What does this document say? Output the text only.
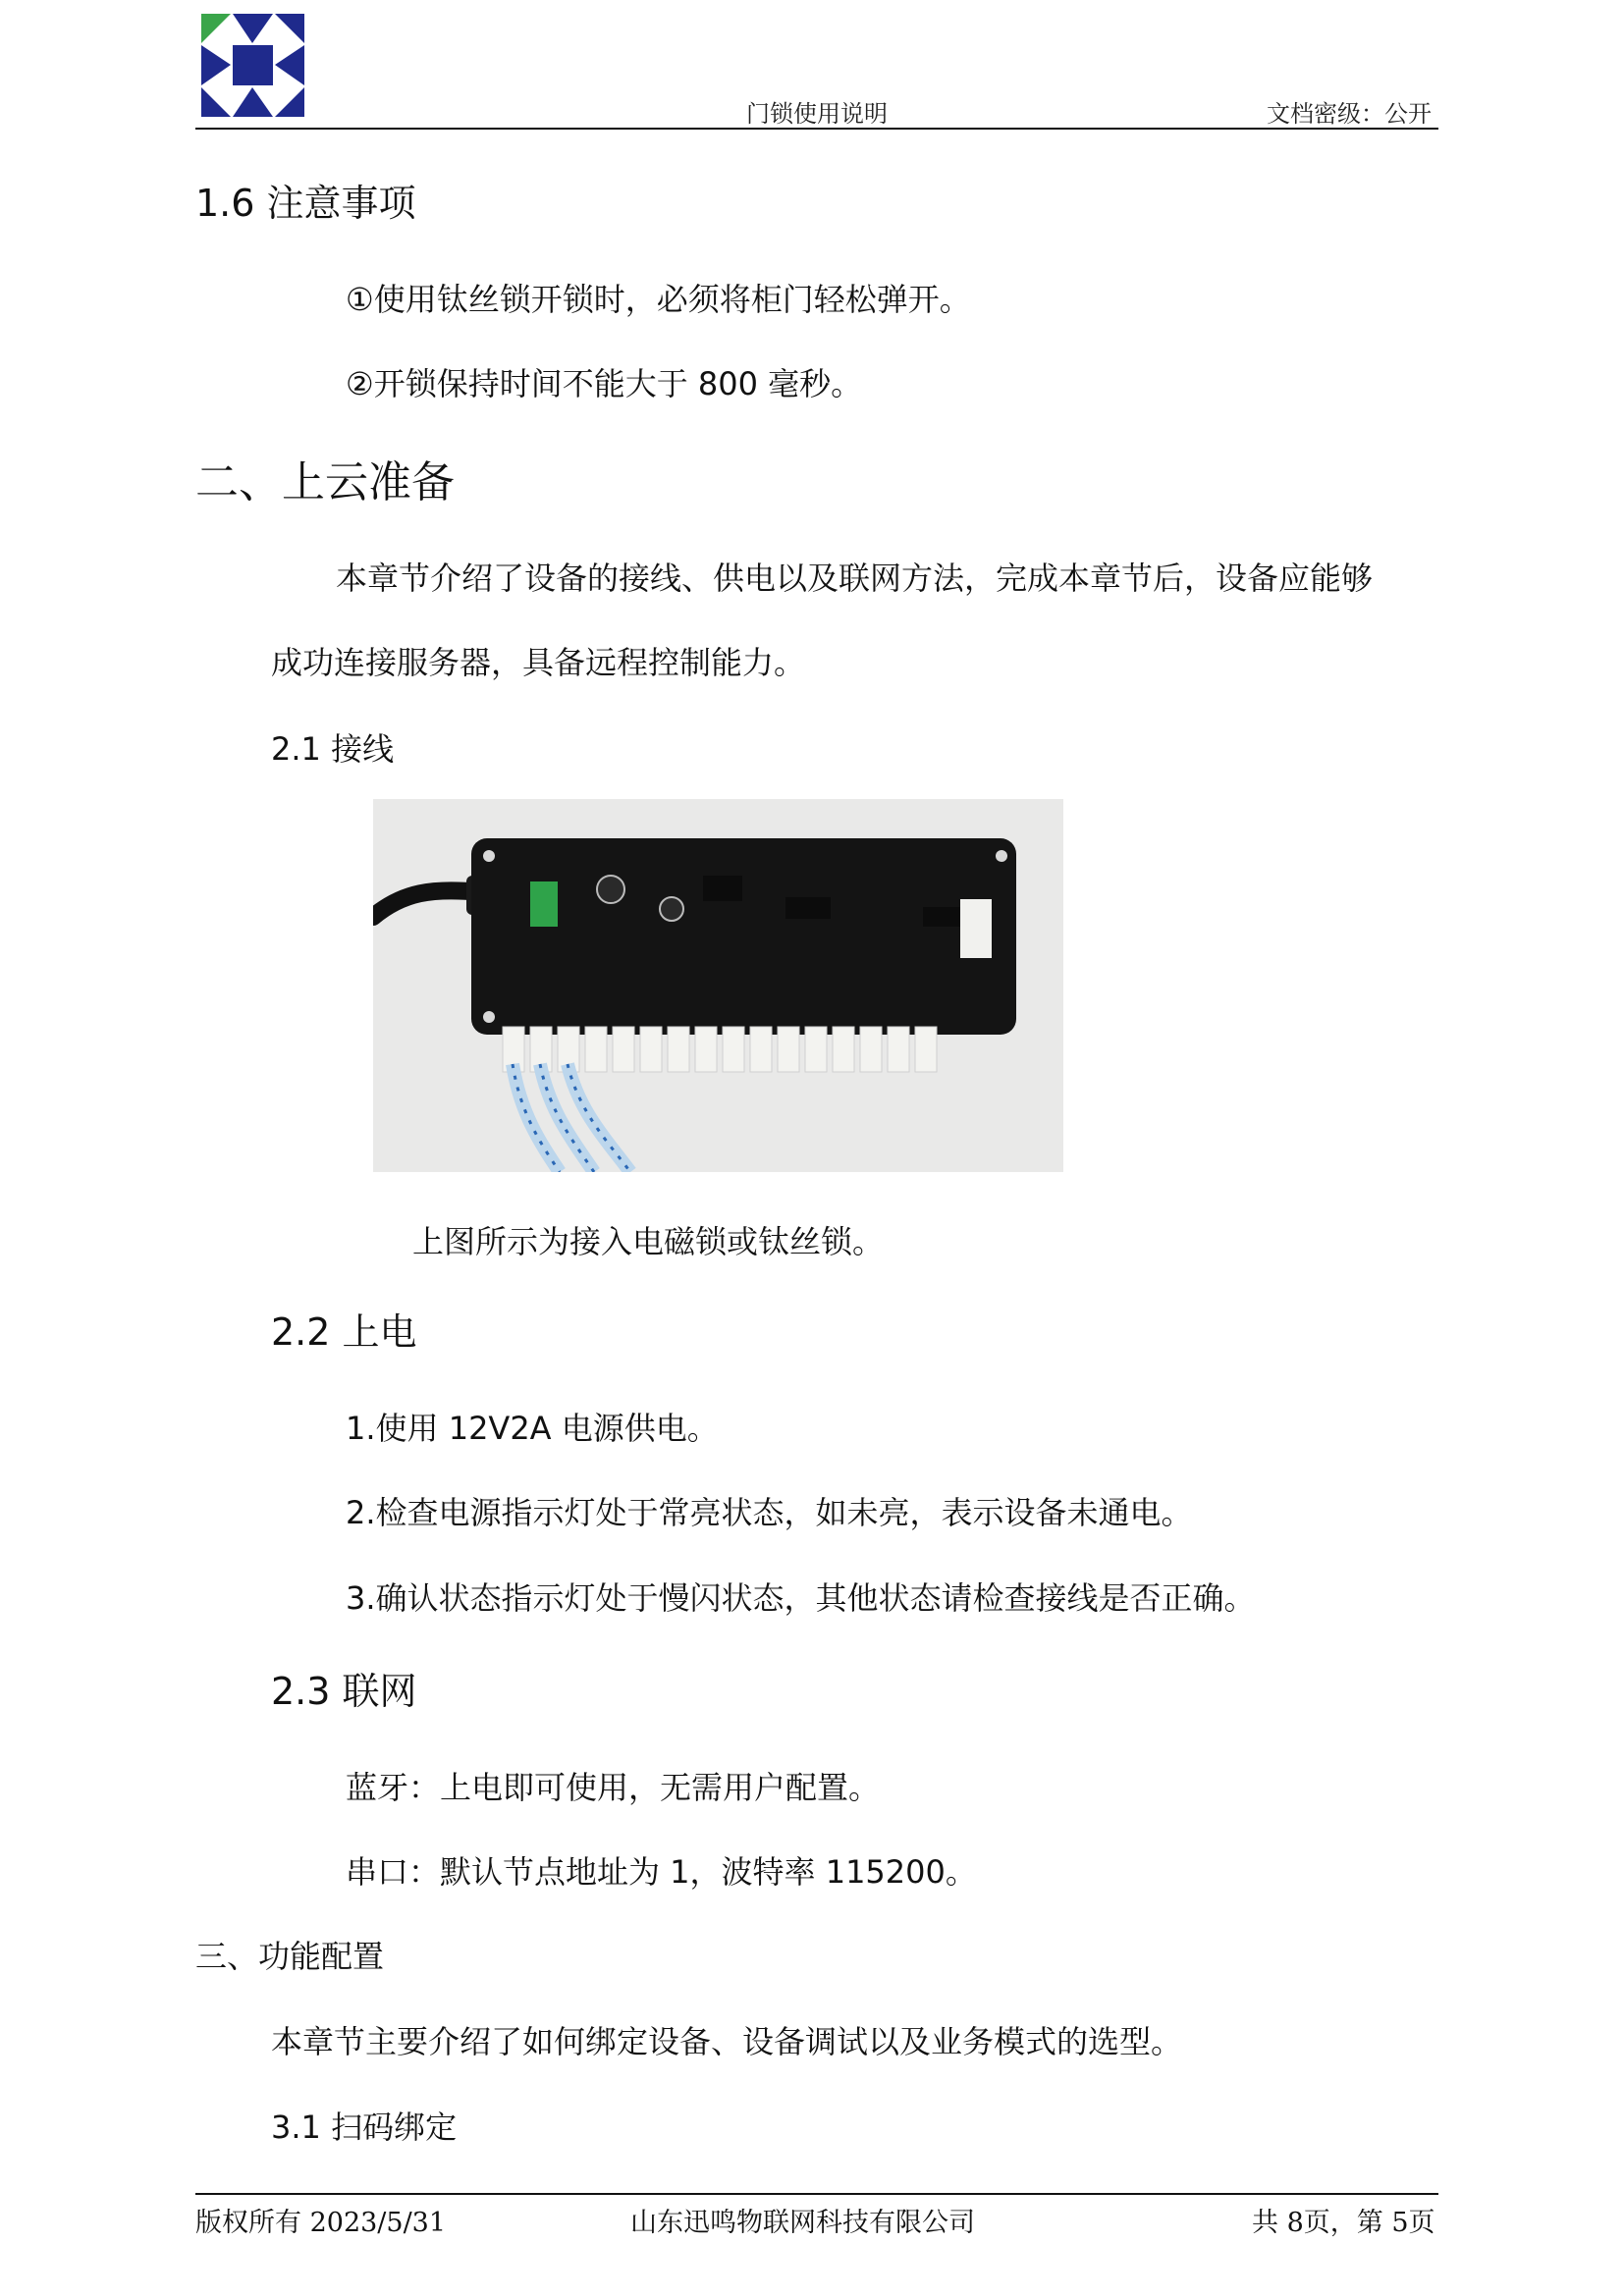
门锁使用说明	文档密级：公开
1.6 注意事项
①使用钛丝锁开锁时，必须将柜门轻松弹开。
②开锁保持时间不能大于 800 毫秒。
二、上云准备
本章节介绍了设备的接线、供电以及联网方法，完成本章节后，设备应能够
成功连接服务器，具备远程控制能力。
2.1 接线
上图所示为接入电磁锁或钛丝锁。
2.2 上电
1.使用 12V2A 电源供电。
2.检查电源指示灯处于常亮状态，如未亮，表示设备未通电。
3.确认状态指示灯处于慢闪状态，其他状态请检查接线是否正确。
2.3 联网
蓝牙：上电即可使用，无需用户配置。
串口：默认节点地址为 1，波特率 115200。
三、功能配置
本章节主要介绍了如何绑定设备、设备调试以及业务模式的选型。
3.1 扫码绑定
版权所有 2023/5/31	山东迅鸣物联网科技有限公司	共 8页，第 5页
